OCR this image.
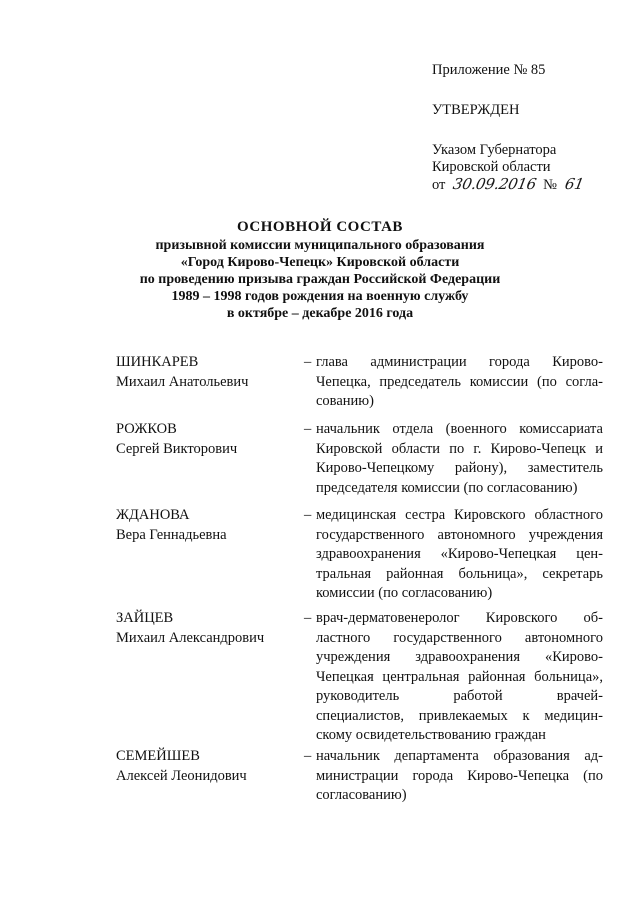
Приложение № 85
УТВЕРЖДЕН
Указом Губернатора
Кировской области
от 30.09.2016 № 61
ОСНОВНОЙ СОСТАВ
призывной комиссии муниципального образования
«Город Кирово-Чепецк» Кировской области
по проведению призыва граждан Российской Федерации
1989 – 1998 годов рождения на военную службу
в октябре – декабре 2016 года
ШИНКАРЕВ
Михаил Анатольевич
– глава администрации города Кирово-
Чепецка, председатель комиссии (по согла-
сованию)
РОЖКОВ
Сергей Викторович
– начальник отдела (военного комиссариата
Кировской области по г. Кирово-Чепецк и
Кирово-Чепецкому району), заместитель
председателя комиссии (по согласованию)
ЖДАНОВА
Вера Геннадьевна
– медицинская сестра Кировского областного
государственного автономного учреждения
здравоохранения «Кирово-Чепецкая цен-
тральная районная больница», секретарь
комиссии (по согласованию)
ЗАЙЦЕВ
Михаил Александрович
– врач-дерматовенеролог Кировского об-
ластного государственного автономного
учреждения здравоохранения «Кирово-
Чепецкая центральная районная больница»,
руководитель работой врачей-
специалистов, привлекаемых к медицин-
скому освидетельствованию граждан
СЕМЕЙШЕВ
Алексей Леонидович
– начальник департамента образования ад-
министрации города Кирово-Чепецка (по
согласованию)
